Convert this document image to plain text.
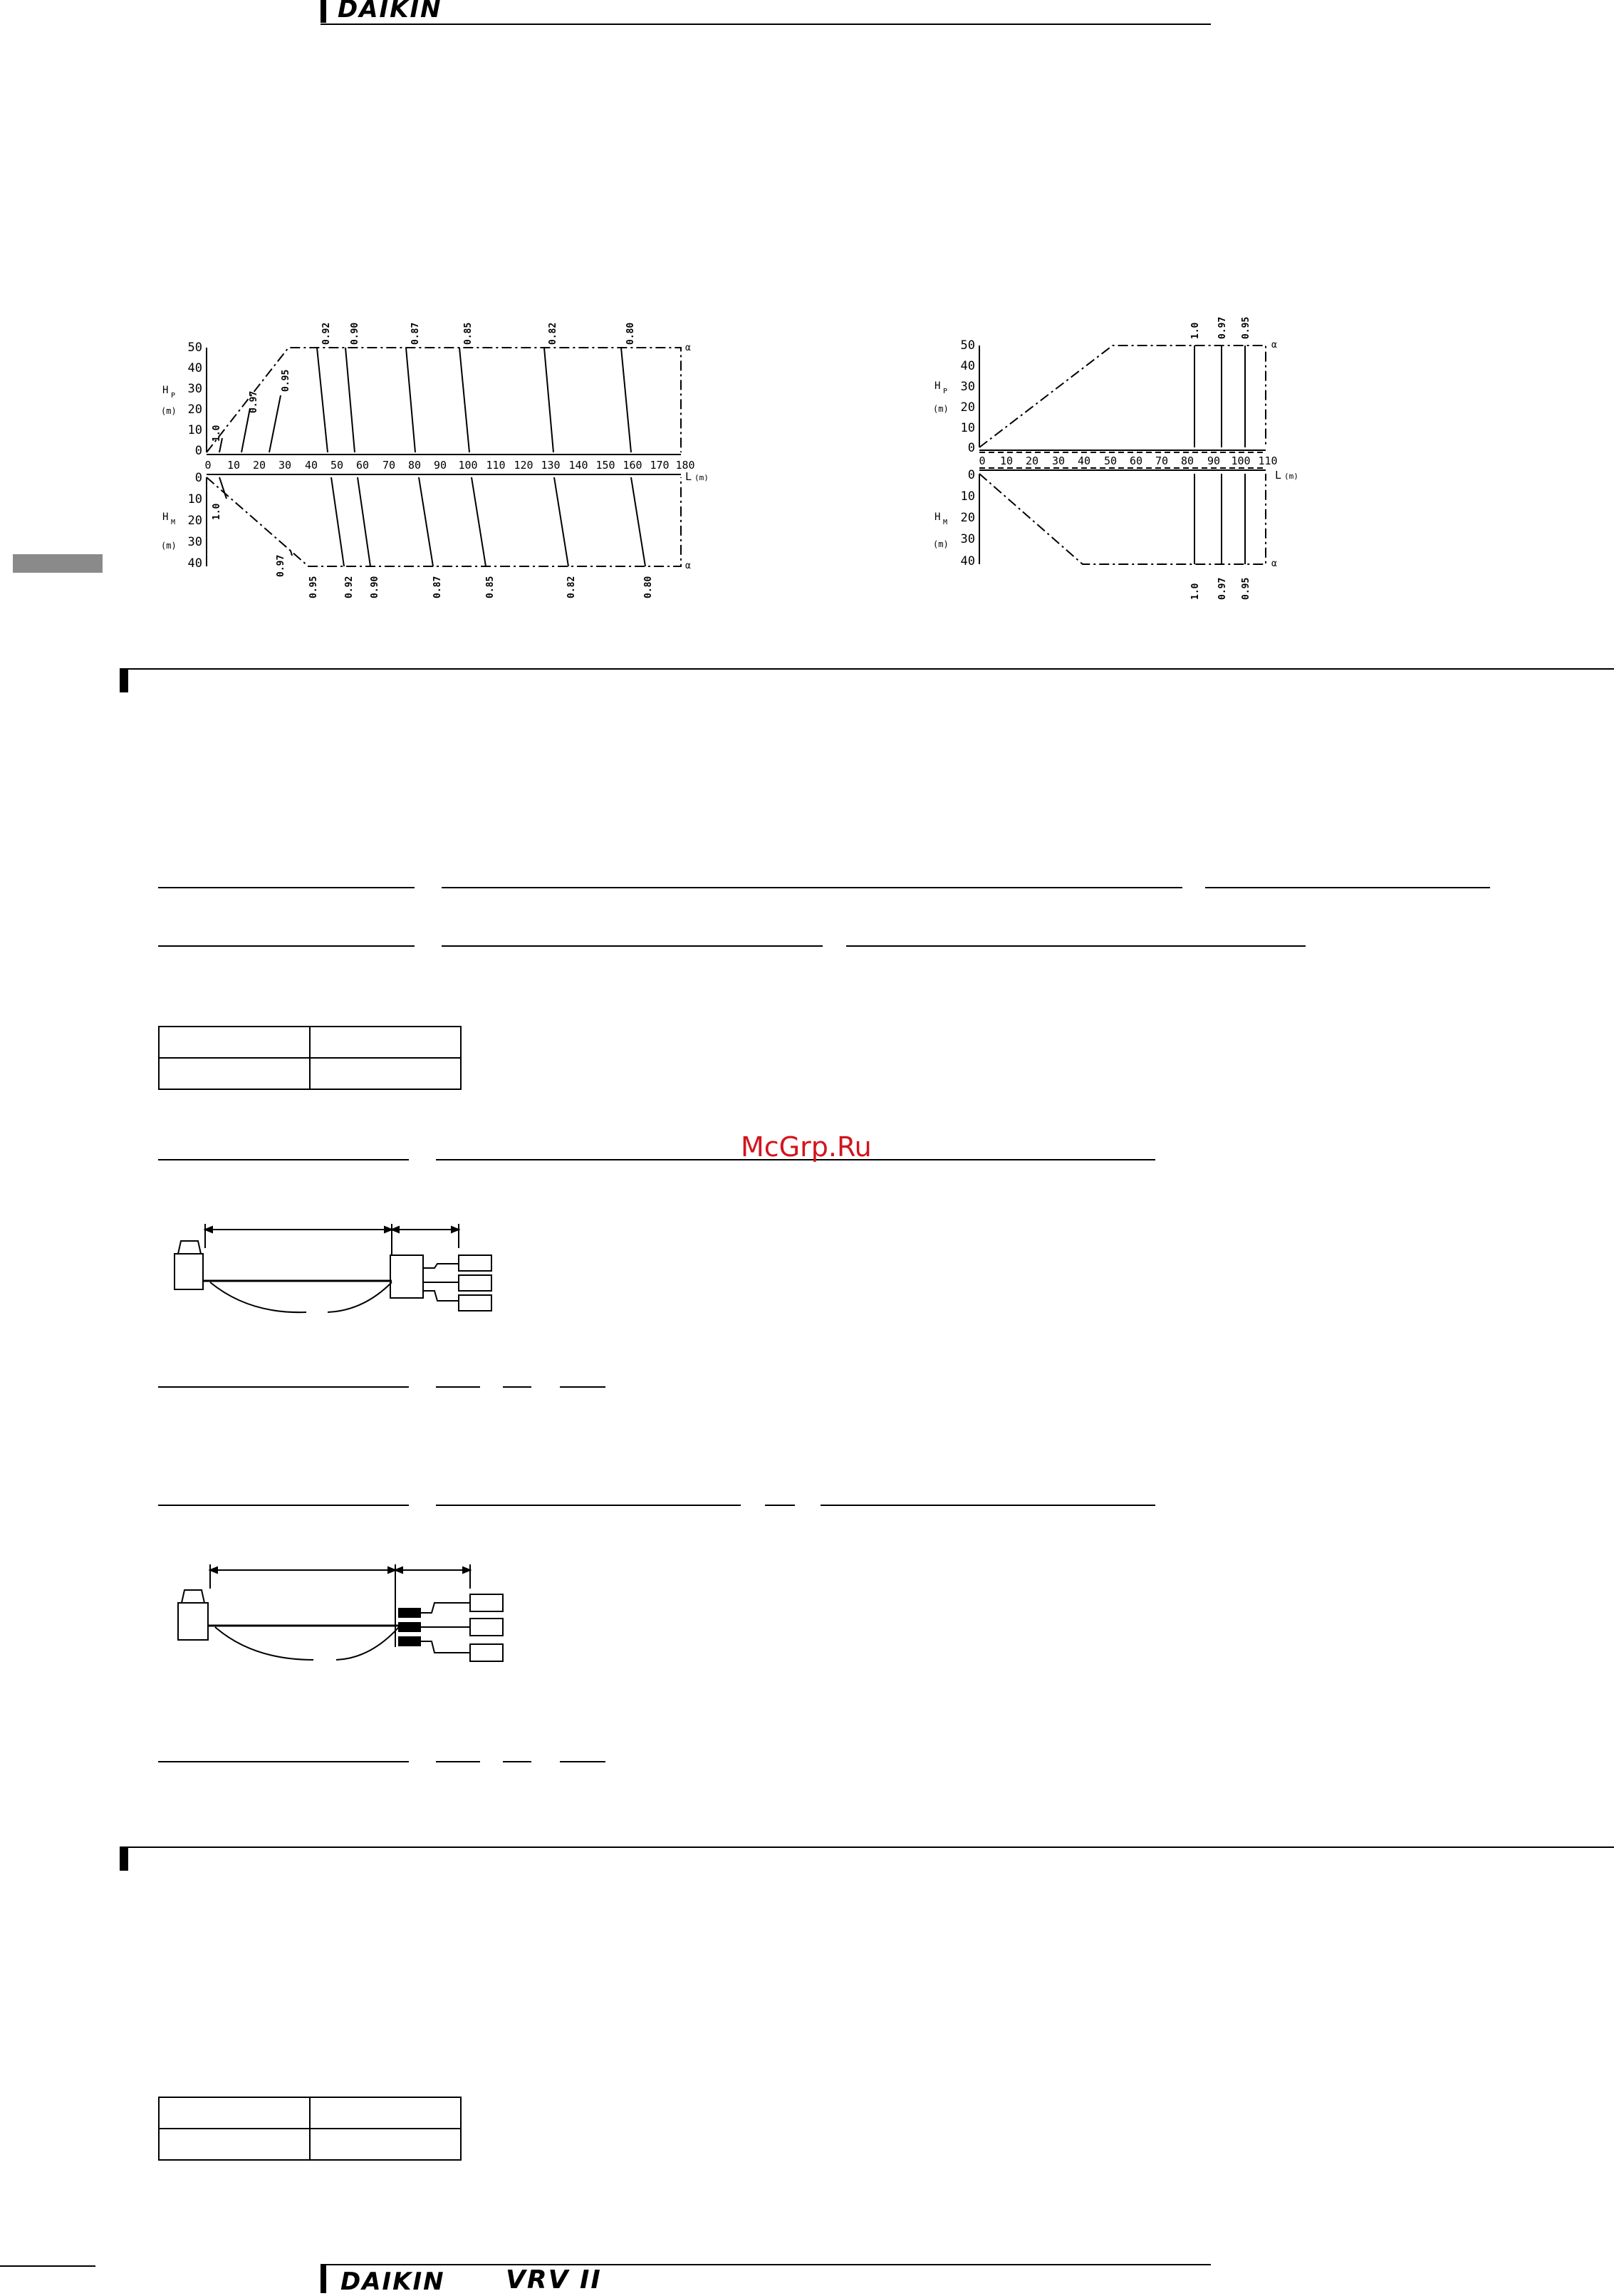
DAIKIN
50
40
30
20
10
0
0
10
20
30
40
H P
(m)
H M
(m)
0 10 20 30 40 50 60 70 80 90 100 110 120 130 140 150 160 170 180
L (m)
α
α
1.0
0.97
0.95
0.92 0.90	0.87	0.85	0.82	0.80
1.0
0.97
0.95	0.92 0.90	0.87	0.85	0.82	0.80
50
40
30
20
10
0
0
10
20
30
40
H P
(m)
H M
(m)
0 10 20 30 40 50 60 70 80 90 100 110
L (m)
α
α
1.0 0.97 0.95
1.0 0.97 0.95

McGrp.Ru

DAIKIN VRV II
